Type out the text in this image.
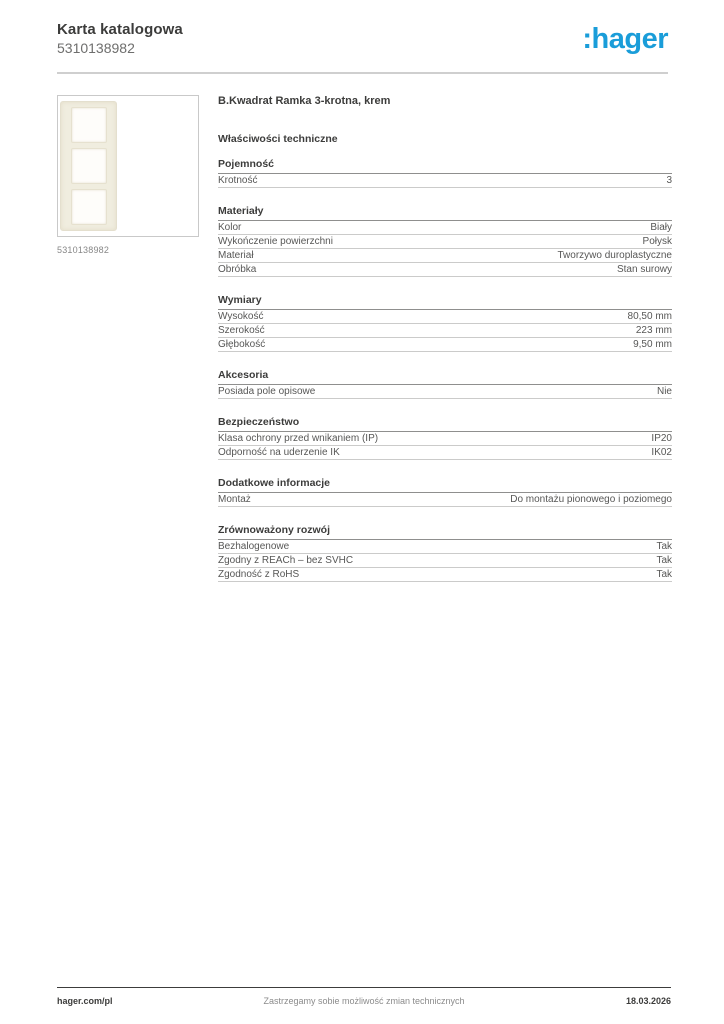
Karta katalogowa
5310138982	:hager
5310138982
B.Kwadrat Ramka 3-krotna, krem
Właściwości techniczne
Pojemność
Krotność	3
Materiały
Kolor	Biały
Wykończenie powierzchni	Połysk
Materiał	Tworzywo duroplastyczne
Obróbka	Stan surowy
Wymiary
Wysokość	80,50 mm
Szerokość	223 mm
Głębokość	9,50 mm
Akcesoria
Posiada pole opisowe	Nie
Bezpieczeństwo
Klasa ochrony przed wnikaniem (IP)	IP20
Odporność na uderzenie IK	IK02
Dodatkowe informacje
Montaż	Do montażu pionowego i poziomego
Zrównoważony rozwój
Bezhalogenowe	Tak
Zgodny z REACh – bez SVHC	Tak
Zgodność z RoHS	Tak
Zastrzegamy sobie możliwość zmian technicznych
hager.com/pl	18.03.2026
